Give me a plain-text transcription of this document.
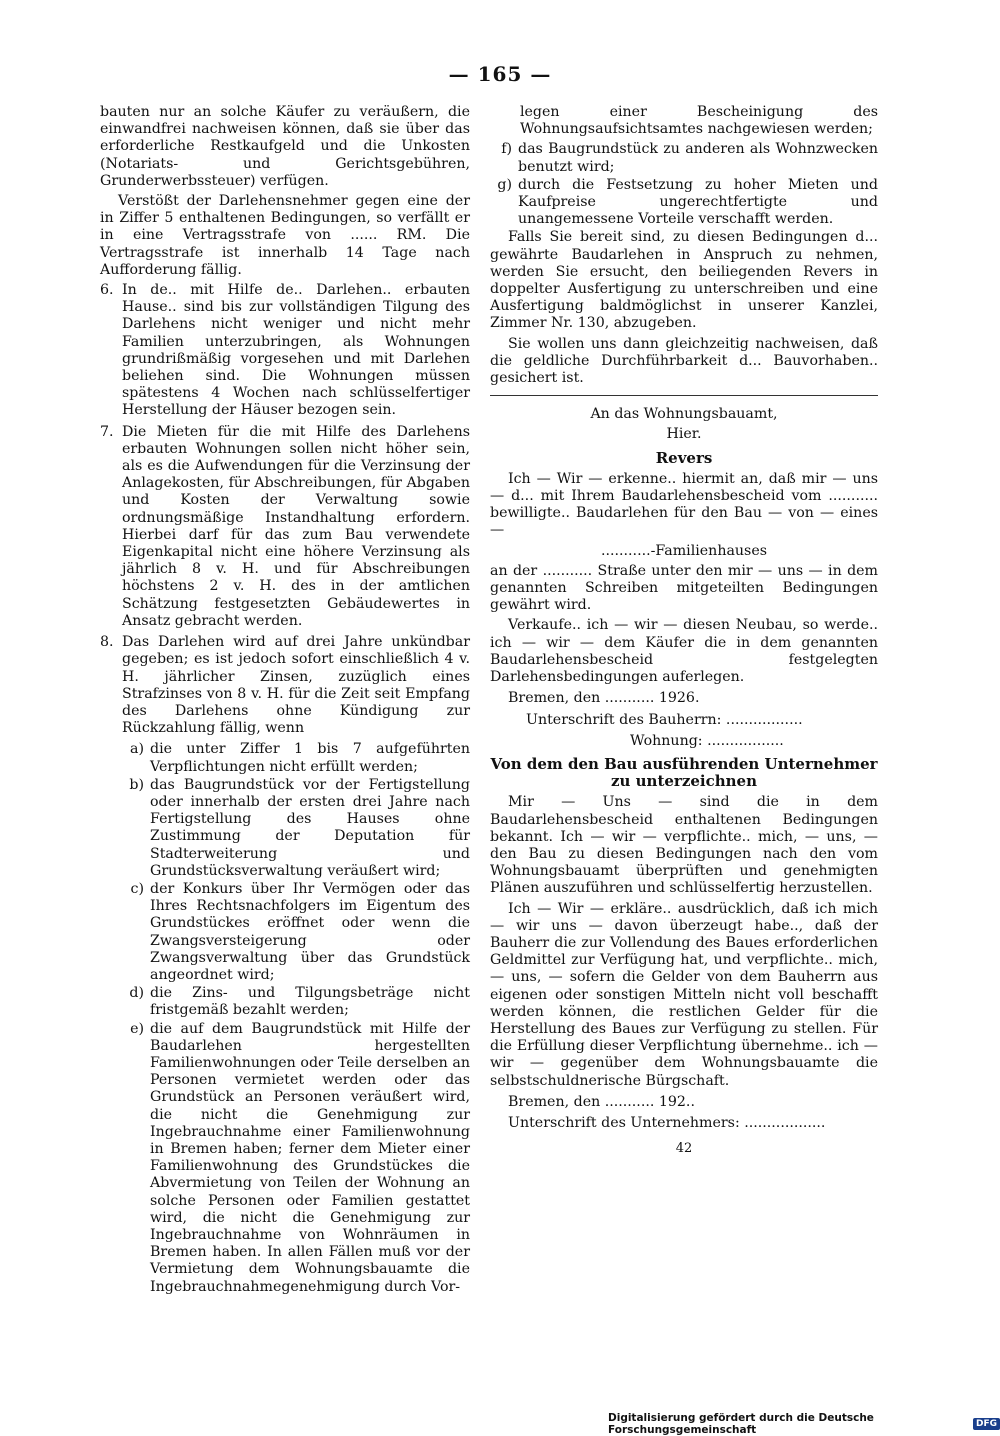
— 165 —

bauten nur an solche Käufer zu veräußern, die einwandfrei nachweisen können, daß sie über das erforderliche Restkaufgeld und die Unkosten (Notariats- und Gerichtsgebühren, Grunderwerbssteuer) verfügen.

Verstößt der Darlehensnehmer gegen eine der in Ziffer 5 enthaltenen Bedingungen, so verfällt er in eine Vertragsstrafe von ...... RM. Die Vertragsstrafe ist innerhalb 14 Tage nach Aufforderung fällig.

6. In de.. mit Hilfe de.. Darlehen.. erbauten Hause.. sind bis zur vollständigen Tilgung des Darlehens nicht weniger und nicht mehr Familien unterzubringen, als Wohnungen grundrißmäßig vorgesehen und mit Darlehen beliehen sind. Die Wohnungen müssen spätestens 4 Wochen nach schlüsselfertiger Herstellung der Häuser bezogen sein.
7. Die Mieten für die mit Hilfe des Darlehens erbauten Wohnungen sollen nicht höher sein, als es die Aufwendungen für die Verzinsung der Anlagekosten, für Abschreibungen, für Abgaben und Kosten der Verwaltung sowie ordnungsmäßige Instandhaltung erfordern. Hierbei darf für das zum Bau verwendete Eigenkapital nicht eine höhere Verzinsung als jährlich 8 v. H. und für Abschreibungen höchstens 2 v. H. des in der amtlichen Schätzung festgesetzten Gebäudewertes in Ansatz gebracht werden.
8. Das Darlehen wird auf drei Jahre unkündbar gegeben; es ist jedoch sofort einschließlich 4 v. H. jährlicher Zinsen, zuzüglich eines Strafzinses von 8 v. H. für die Zeit seit Empfang des Darlehens ohne Kündigung zur Rückzahlung fällig, wenn
a) die unter Ziffer 1 bis 7 aufgeführten Verpflichtungen nicht erfüllt werden;
b) das Baugrundstück vor der Fertigstellung oder innerhalb der ersten drei Jahre nach Fertigstellung des Hauses ohne Zustimmung der Deputation für Stadterweiterung und Grundstücksverwaltung veräußert wird;
c) der Konkurs über Ihr Vermögen oder das Ihres Rechtsnachfolgers im Eigentum des Grundstückes eröffnet oder wenn die Zwangsversteigerung oder Zwangsverwaltung über das Grundstück angeordnet wird;
d) die Zins- und Tilgungsbeträge nicht fristgemäß bezahlt werden;
e) die auf dem Baugrundstück mit Hilfe der Baudarlehen hergestellten Familienwohnungen oder Teile derselben an Personen vermietet werden oder das Grundstück an Personen veräußert wird, die nicht die Genehmigung zur Ingebrauchnahme einer Familienwohnung in Bremen haben; ferner dem Mieter einer Familienwohnung des Grundstückes die Abvermietung von Teilen der Wohnung an solche Personen oder Familien gestattet wird, die nicht die Genehmigung zur Ingebrauchnahme von Wohnräumen in Bremen haben. In allen Fällen muß vor der Vermietung dem Wohnungsbauamte die Ingebrauchnahmegenehmigung durch Vor-

legen einer Bescheinigung des Wohnungsaufsichtsamtes nachgewiesen werden;

f) das Baugrundstück zu anderen als Wohnzwecken benutzt wird;
g) durch die Festsetzung zu hoher Mieten und Kaufpreise ungerechtfertigte und unangemessene Vorteile verschafft werden.

Falls Sie bereit sind, zu diesen Bedingungen d... gewährte Baudarlehen in Anspruch zu nehmen, werden Sie ersucht, den beiliegenden Revers in doppelter Ausfertigung zu unterschreiben und eine Ausfertigung baldmöglichst in unserer Kanzlei, Zimmer Nr. 130, abzugeben.

Sie wollen uns dann gleichzeitig nachweisen, daß die geldliche Durchführbarkeit d... Bauvorhaben.. gesichert ist.

An das Wohnungsbauamt,

Hier.

Revers

Ich — Wir — erkenne.. hiermit an, daß mir — uns — d... mit Ihrem Baudarlehensbescheid vom ........... bewilligte.. Baudarlehen für den Bau — von — eines —

...........-Familienhauses

an der ........... Straße unter den mir — uns — in dem genannten Schreiben mitgeteilten Bedingungen gewährt wird.

Verkaufe.. ich — wir — diesen Neubau, so werde.. ich — wir — dem Käufer die in dem genannten Baudarlehensbescheid festgelegten Darlehensbedingungen auferlegen.

Bremen, den ........... 1926.

Unterschrift des Bauherrn: .................

Wohnung: .................

Von dem den Bau ausführenden Unternehmer zu unterzeichnen

Mir — Uns — sind die in dem Baudarlehensbescheid enthaltenen Bedingungen bekannt. Ich — wir — verpflichte.. mich, — uns, — den Bau zu diesen Bedingungen nach den vom Wohnungsbauamt überprüften und genehmigten Plänen auszuführen und schlüsselfertig herzustellen.

Ich — Wir — erkläre.. ausdrücklich, daß ich mich — wir uns — davon überzeugt habe.., daß der Bauherr die zur Vollendung des Baues erforderlichen Geldmittel zur Verfügung hat, und verpflichte.. mich, — uns, — sofern die Gelder von dem Bauherrn aus eigenen oder sonstigen Mitteln nicht voll beschafft werden können, die restlichen Gelder für die Herstellung des Baues zur Verfügung zu stellen. Für die Erfüllung dieser Verpflichtung übernehme.. ich — wir — gegenüber dem Wohnungsbauamte die selbstschuldnerische Bürgschaft.

Bremen, den ........... 192..

Unterschrift des Unternehmers: ..................

42
Digitalisierung gefördert durch die Deutsche Forschungsgemeinschaft	DFG
